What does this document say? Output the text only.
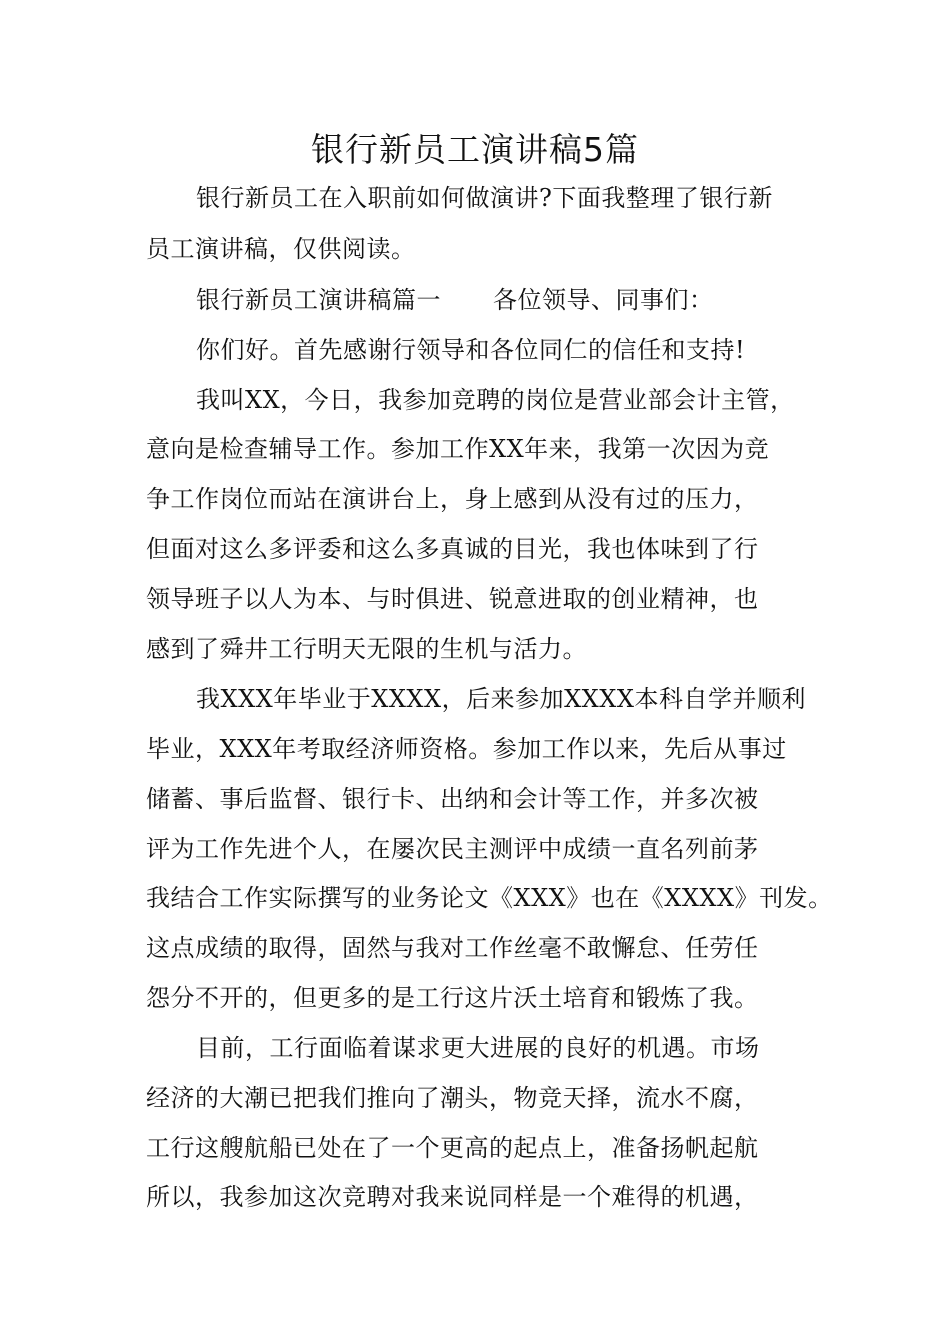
银行新员工演讲稿5篇
银行新员工在入职前如何做演讲?下面我整理了银行新
员工演讲稿，仅供阅读。
银行新员工演讲稿篇一 各位领导、同事们：
你们好。首先感谢行领导和各位同仁的信任和支持!
我叫XX，今日，我参加竞聘的岗位是营业部会计主管，
意向是检查辅导工作。参加工作XX年来，我第一次因为竞
争工作岗位而站在演讲台上，身上感到从没有过的压力，
但面对这么多评委和这么多真诚的目光，我也体味到了行
领导班子以人为本、与时俱进、锐意进取的创业精神，也
感到了舜井工行明天无限的生机与活力。
我XXX年毕业于XXXX，后来参加XXXX本科自学并顺利
毕业，XXX年考取经济师资格。参加工作以来，先后从事过
储蓄、事后监督、银行卡、出纳和会计等工作，并多次被
评为工作先进个人，在屡次民主测评中成绩一直名列前茅
我结合工作实际撰写的业务论文《XXX》也在《XXXX》刊发。
这点成绩的取得，固然与我对工作丝毫不敢懈怠、任劳任
怨分不开的，但更多的是工行这片沃土培育和锻炼了我。
目前，工行面临着谋求更大进展的良好的机遇。市场
经济的大潮已把我们推向了潮头，物竞天择，流水不腐，
工行这艘航船已处在了一个更高的起点上，准备扬帆起航
所以，我参加这次竞聘对我来说同样是一个难得的机遇，
